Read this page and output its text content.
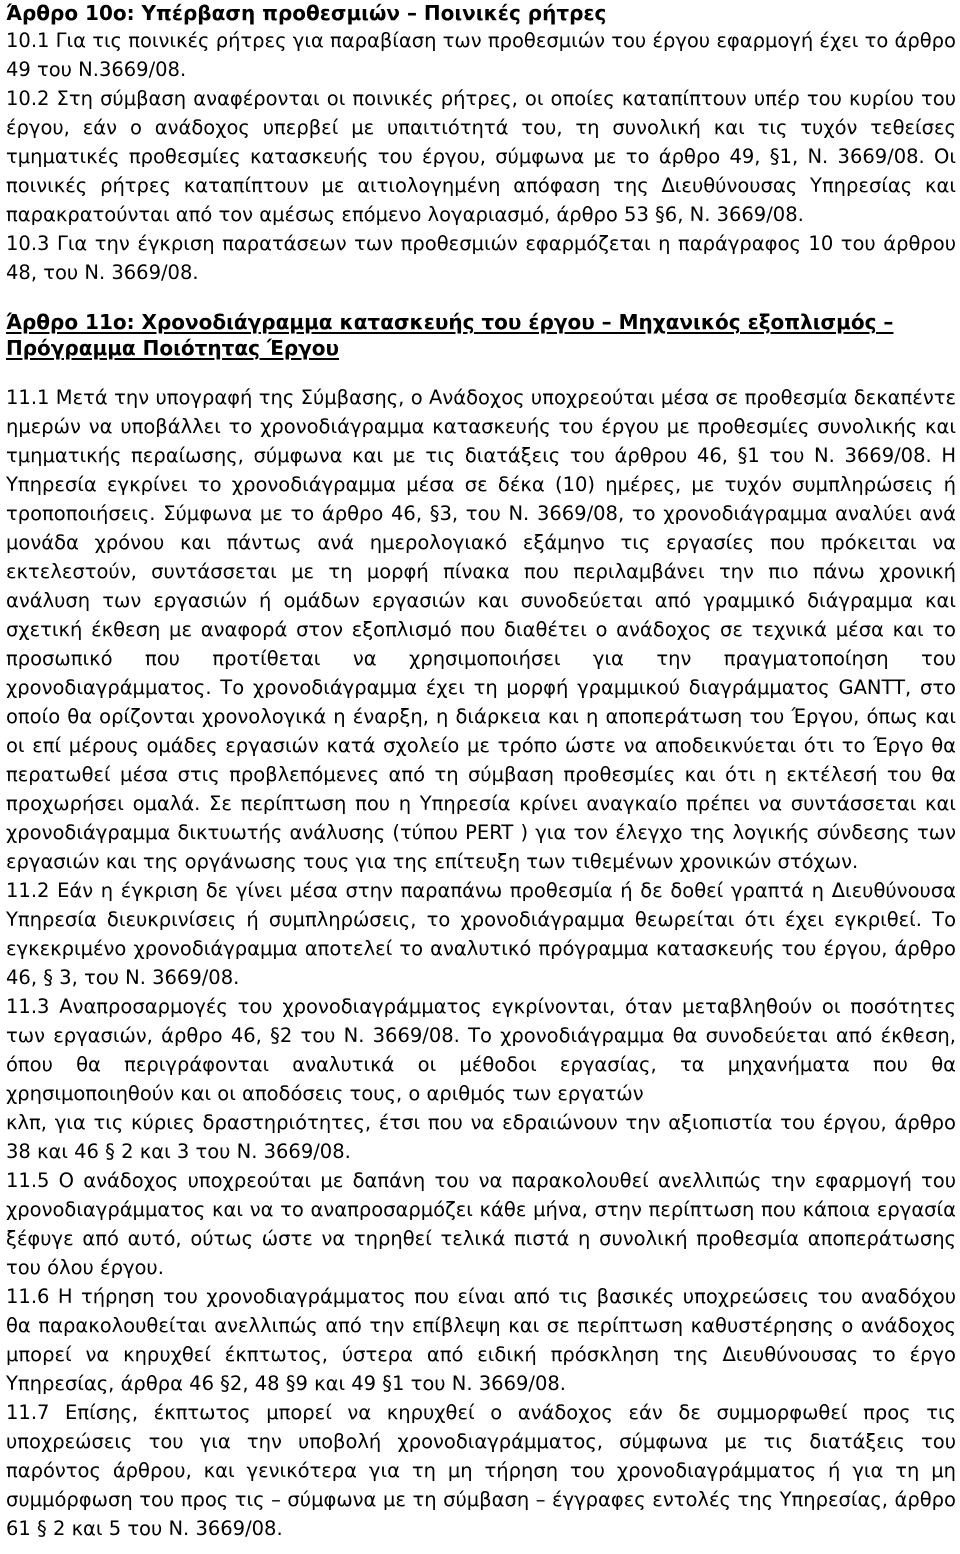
Άρθρο 10ο: Υπέρβαση προθεσμιών – Ποινικές ρήτρες

10.1 Για τις ποινικές ρήτρες για παραβίαση των προθεσμιών του έργου εφαρμογή έχει το άρθρο 49 του Ν.3669/08.

10.2 Στη σύμβαση αναφέρονται οι ποινικές ρήτρες, οι οποίες καταπίπτουν υπέρ του κυρίου του έργου, εάν ο ανάδοχος υπερβεί με υπαιτιότητά του, τη συνολική και τις τυχόν τεθείσες τμηματικές προθεσμίες κατασκευής του έργου, σύμφωνα με το άρθρο 49, §1, Ν. 3669/08. Οι ποινικές ρήτρες καταπίπτουν με αιτιολογημένη απόφαση της Διευθύνουσας Υπηρεσίας και παρακρατούνται από τον αμέσως επόμενο λογαριασμό, άρθρο 53 §6, Ν. 3669/08.

10.3 Για την έγκριση παρατάσεων των προθεσμιών εφαρμόζεται η παράγραφος 10 του άρθρου 48, του Ν. 3669/08.

Άρθρο 11ο: Χρονοδιάγραμμα κατασκευής του έργου – Μηχανικός εξοπλισμός – Πρόγραμμα Ποιότητας Έργου

11.1 Μετά την υπογραφή της Σύμβασης, ο Ανάδοχος υποχρεούται μέσα σε προθεσμία δεκαπέντε ημερών να υποβάλλει το χρονοδιάγραμμα κατασκευής του έργου με προθεσμίες συνολικής και τμηματικής περαίωσης, σύμφωνα και με τις διατάξεις του άρθρου 46, §1 του Ν. 3669/08. Η Υπηρεσία εγκρίνει το χρονοδιάγραμμα μέσα σε δέκα (10) ημέρες, με τυχόν συμπληρώσεις ή τροποποιήσεις. Σύμφωνα με το άρθρο 46, §3, του Ν. 3669/08, το χρονοδιάγραμμα αναλύει ανά μονάδα χρόνου και πάντως ανά ημερολογιακό εξάμηνο τις εργασίες που πρόκειται να εκτελεστούν, συντάσσεται με τη μορφή πίνακα που περιλαμβάνει την πιο πάνω χρονική ανάλυση των εργασιών ή ομάδων εργασιών και συνοδεύεται από γραμμικό διάγραμμα και σχετική έκθεση με αναφορά στον εξοπλισμό που διαθέτει ο ανάδοχος σε τεχνικά μέσα και το προσωπικό που προτίθεται να χρησιμοποιήσει για την πραγματοποίηση του χρονοδιαγράμματος. Το χρονοδιάγραμμα έχει τη μορφή γραμμικού διαγράμματος GANTT, στο οποίο θα ορίζονται χρονολογικά η έναρξη, η διάρκεια και η αποπεράτωση του Έργου, όπως και οι επί μέρους ομάδες εργασιών κατά σχολείο με τρόπο ώστε να αποδεικνύεται ότι το Έργο θα περατωθεί μέσα στις προβλεπόμενες από τη σύμβαση προθεσμίες και ότι η εκτέλεσή του θα προχωρήσει ομαλά. Σε περίπτωση που η Υπηρεσία κρίνει αναγκαίο πρέπει να συντάσσεται και χρονοδιάγραμμα δικτυωτής ανάλυσης (τύπου PERT ) για τον έλεγχο της λογικής σύνδεσης των εργασιών και της οργάνωσης τους για της επίτευξη των τιθεμένων χρονικών στόχων.

11.2 Εάν η έγκριση δε γίνει μέσα στην παραπάνω προθεσμία ή δε δοθεί γραπτά η Διευθύνουσα Υπηρεσία διευκρινίσεις ή συμπληρώσεις, το χρονοδιάγραμμα θεωρείται ότι έχει εγκριθεί. Το εγκεκριμένο χρονοδιάγραμμα αποτελεί το αναλυτικό πρόγραμμα κατασκευής του έργου, άρθρο 46, § 3, του Ν. 3669/08.

11.3 Αναπροσαρμογές του χρονοδιαγράμματος εγκρίνονται, όταν μεταβληθούν οι ποσότητες των εργασιών, άρθρο 46, §2 του Ν. 3669/08. Το χρονοδιάγραμμα θα συνοδεύεται από έκθεση, όπου θα περιγράφονται αναλυτικά οι μέθοδοι εργασίας, τα μηχανήματα που θα χρησιμοποιηθούν και οι αποδόσεις τους, ο αριθμός των εργατών

κλπ, για τις κύριες δραστηριότητες, έτσι που να εδραιώνουν την αξιοπιστία του έργου, άρθρο 38 και 46 § 2 και 3 του Ν. 3669/08.

11.5 Ο ανάδοχος υποχρεούται με δαπάνη του να παρακολουθεί ανελλιπώς την εφαρμογή του χρονοδιαγράμματος και να το αναπροσαρμόζει κάθε μήνα, στην περίπτωση που κάποια εργασία ξέφυγε από αυτό, ούτως ώστε να τηρηθεί τελικά πιστά η συνολική προθεσμία αποπεράτωσης του όλου έργου.

11.6 Η τήρηση του χρονοδιαγράμματος που είναι από τις βασικές υποχρεώσεις του αναδόχου θα παρακολουθείται ανελλιπώς από την επίβλεψη και σε περίπτωση καθυστέρησης ο ανάδοχος μπορεί να κηρυχθεί έκπτωτος, ύστερα από ειδική πρόσκληση της Διευθύνουσας το έργο Υπηρεσίας, άρθρα 46 §2, 48 §9 και 49 §1 του Ν. 3669/08.

11.7 Επίσης, έκπτωτος μπορεί να κηρυχθεί ο ανάδοχος εάν δε συμμορφωθεί προς τις υποχρεώσεις του για την υποβολή χρονοδιαγράμματος, σύμφωνα με τις διατάξεις του παρόντος άρθρου, και γενικότερα για τη μη τήρηση του χρονοδιαγράμματος ή για τη μη συμμόρφωση του προς τις – σύμφωνα με τη σύμβαση – έγγραφες εντολές της Υπηρεσίας, άρθρο 61 § 2 και 5 του Ν. 3669/08.
